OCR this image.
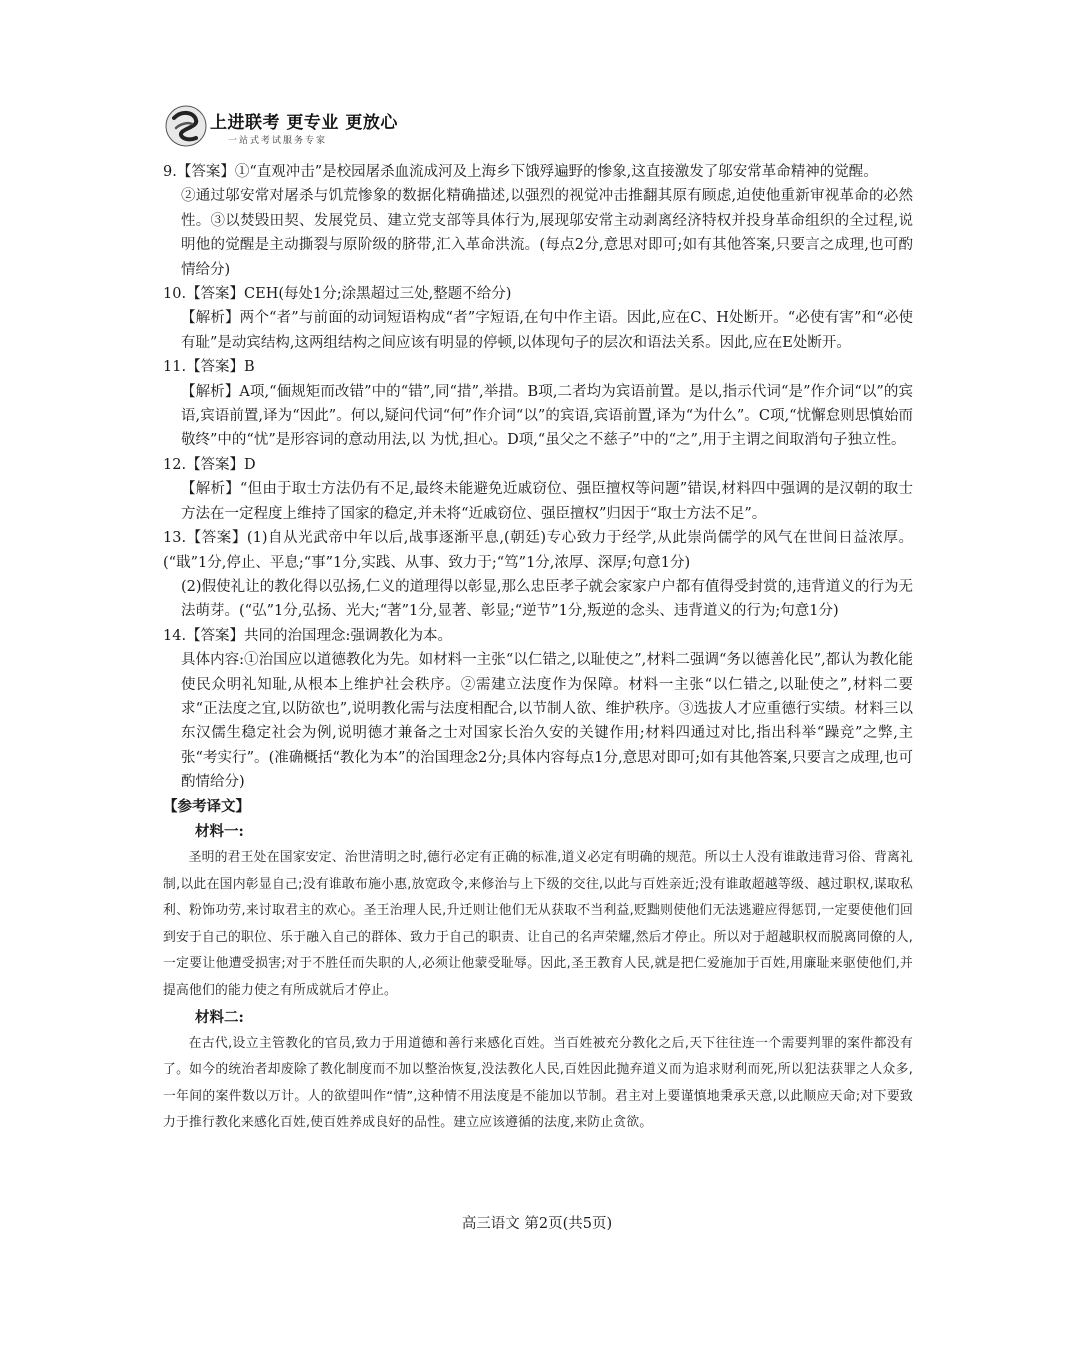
上进联考 更专业 更放心
一站式考试服务专家
9.【答案】①“直观冲击”是校园屠杀血流成河及上海乡下饿殍遍野的惨象,这直接激发了邬安常革命精神的觉醒。
②通过邬安常对屠杀与饥荒惨象的数据化精确描述,以强烈的视觉冲击推翻其原有顾虑,迫使他重新审视革命的必然性。③以焚毁田契、发展党员、建立党支部等具体行为,展现邬安常主动剥离经济特权并投身革命组织的全过程,说明他的觉醒是主动撕裂与原阶级的脐带,汇入革命洪流。(每点2分,意思对即可;如有其他答案,只要言之成理,也可酌情给分)
10.【答案】CEH(每处1分;涂黑超过三处,整题不给分)
【解析】两个“者”与前面的动词短语构成“者”字短语,在句中作主语。因此,应在C、H处断开。“必使有害”和“必使有耻”是动宾结构,这两组结构之间应该有明显的停顿,以体现句子的层次和语法关系。因此,应在E处断开。
11.【答案】B
【解析】A项,“偭规矩而改错”中的“错”,同“措”,举措。B项,二者均为宾语前置。是以,指示代词“是”作介词“以”的宾语,宾语前置,译为“因此”。何以,疑问代词“何”作介词“以”的宾语,宾语前置,译为“为什么”。C项,“忧懈怠则思慎始而敬终”中的“忧”是形容词的意动用法,以 为忧,担心。D项,“虽父之不慈子”中的“之”,用于主谓之间取消句子独立性。
12.【答案】D
【解析】“但由于取士方法仍有不足,最终未能避免近戚窃位、强臣擅权等问题”错误,材料四中强调的是汉朝的取士方法在一定程度上维持了国家的稳定,并未将“近戚窃位、强臣擅权”归因于“取士方法不足”。
13.【答案】(1)自从光武帝中年以后,战事逐渐平息,(朝廷)专心致力于经学,从此崇尚儒学的风气在世间日益浓厚。(“戢”1分,停止、平息;“事”1分,实践、从事、致力于;“笃”1分,浓厚、深厚;句意1分)
(2)假使礼让的教化得以弘扬,仁义的道理得以彰显,那么忠臣孝子就会家家户户都有值得受封赏的,违背道义的行为无法萌芽。(“弘”1分,弘扬、光大;“著”1分,显著、彰显;“逆节”1分,叛逆的念头、违背道义的行为;句意1分)
14.【答案】共同的治国理念:强调教化为本。
具体内容:①治国应以道德教化为先。如材料一主张“以仁错之,以耻使之”,材料二强调“务以德善化民”,都认为教化能使民众明礼知耻,从根本上维护社会秩序。②需建立法度作为保障。材料一主张“以仁错之,以耻使之”,材料二要求“正法度之宜,以防欲也”,说明教化需与法度相配合,以节制人欲、维护秩序。③选拔人才应重德行实绩。材料三以东汉儒生稳定社会为例,说明德才兼备之士对国家长治久安的关键作用;材料四通过对比,指出科举“躁竞”之弊,主张“考实行”。(准确概括“教化为本”的治国理念2分;具体内容每点1分,意思对即可;如有其他答案,只要言之成理,也可酌情给分)
【参考译文】
材料一:
圣明的君王处在国家安定、治世清明之时,德行必定有正确的标准,道义必定有明确的规范。所以士人没有谁敢违背习俗、背离礼制,以此在国内彰显自己;没有谁敢布施小惠,放宽政令,来修治与上下级的交往,以此与百姓亲近;没有谁敢超越等级、越过职权,谋取私利、粉饰功劳,来讨取君主的欢心。圣王治理人民,升迁则让他们无从获取不当利益,贬黜则使他们无法逃避应得惩罚,一定要使他们回到安于自己的职位、乐于融入自己的群体、致力于自己的职责、让自己的名声荣耀,然后才停止。所以对于超越职权而脱离同僚的人,一定要让他遭受损害;对于不胜任而失职的人,必须让他蒙受耻辱。因此,圣王教育人民,就是把仁爱施加于百姓,用廉耻来驱使他们,并提高他们的能力使之有所成就后才停止。
材料二:
在古代,设立主管教化的官员,致力于用道德和善行来感化百姓。当百姓被充分教化之后,天下往往连一个需要判罪的案件都没有了。如今的统治者却废除了教化制度而不加以整治恢复,没法教化人民,百姓因此抛弃道义而为追求财利而死,所以犯法获罪之人众多,一年间的案件数以万计。人的欲望叫作“情”,这种情不用法度是不能加以节制。君主对上要谨慎地秉承天意,以此顺应天命;对下要致力于推行教化来感化百姓,使百姓养成良好的品性。建立应该遵循的法度,来防止贪欲。
高三语文 第2页(共5页)
